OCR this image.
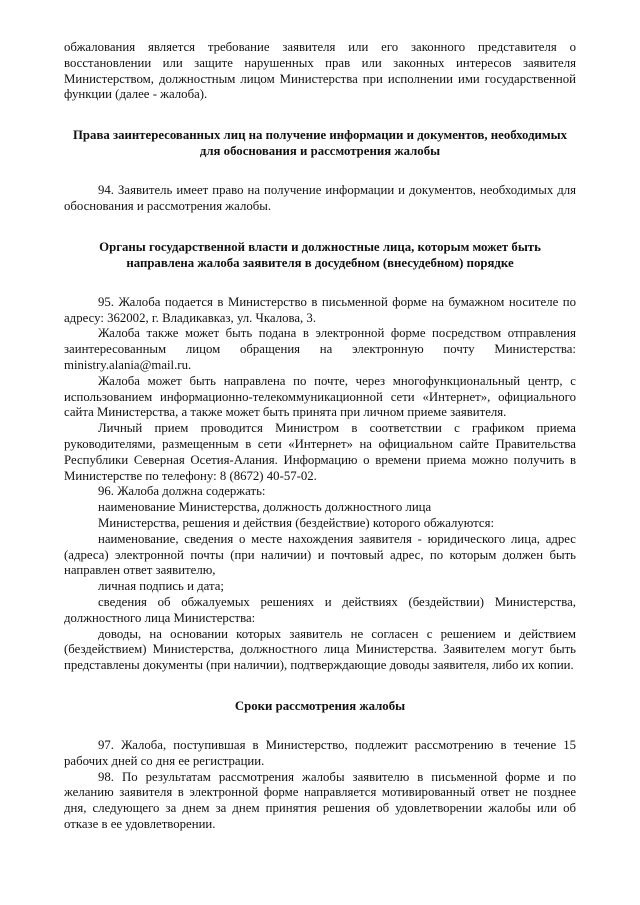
обжалования является требование заявителя или его законного представителя о восстановлении или защите нарушенных прав или законных интересов заявителя Министерством, должностным лицом Министерства при исполнении ими государственной функции (далее - жалоба).

Права заинтересованных лиц на получение информации и документов, необходимых для обоснования и рассмотрения жалобы

94. Заявитель имеет право на получение информации и документов, необходимых для обоснования и рассмотрения жалобы.

Органы государственной власти и должностные лица, которым может быть направлена жалоба заявителя в досудебном (внесудебном) порядке

95. Жалоба подается в Министерство в письменной форме на бумажном носителе по адресу: 362002, г. Владикавказ, ул. Чкалова, 3.

Жалоба также может быть подана в электронной форме посредством отправления заинтересованным лицом обращения на электронную почту Министерства: ministry.alania@mail.ru.

Жалоба может быть направлена по почте, через многофункциональный центр, с использованием информационно-телекоммуникационной сети «Интернет», официального сайта Министерства, а также может быть принята при личном приеме заявителя.

Личный прием проводится Министром в соответствии с графиком приема руководителями, размещенным в сети «Интернет» на официальном сайте Правительства Республики Северная Осетия-Алания. Информацию о времени приема можно получить в Министерстве по телефону: 8 (8672) 40-57-02.

96. Жалоба должна содержать:

наименование Министерства, должность должностного лица

Министерства, решения и действия (бездействие) которого обжалуются:

наименование, сведения о месте нахождения заявителя - юридического лица, адрес (адреса) электронной почты (при наличии) и почтовый адрес, по которым должен быть направлен ответ заявителю,

личная подпись и дата;

сведения об обжалуемых решениях и действиях (бездействии) Министерства, должностного лица Министерства:

доводы, на основании которых заявитель не согласен с решением и действием (бездействием) Министерства, должностного лица Министерства. Заявителем могут быть представлены документы (при наличии), подтверждающие доводы заявителя, либо их копии.

Сроки рассмотрения жалобы

97. Жалоба, поступившая в Министерство, подлежит рассмотрению в течение 15 рабочих дней со дня ее регистрации.

98. По результатам рассмотрения жалобы заявителю в письменной форме и по желанию заявителя в электронной форме направляется мотивированный ответ не позднее дня, следующего за днем за днем принятия решения об удовлетворении жалобы или об отказе в ее удовлетворении.
